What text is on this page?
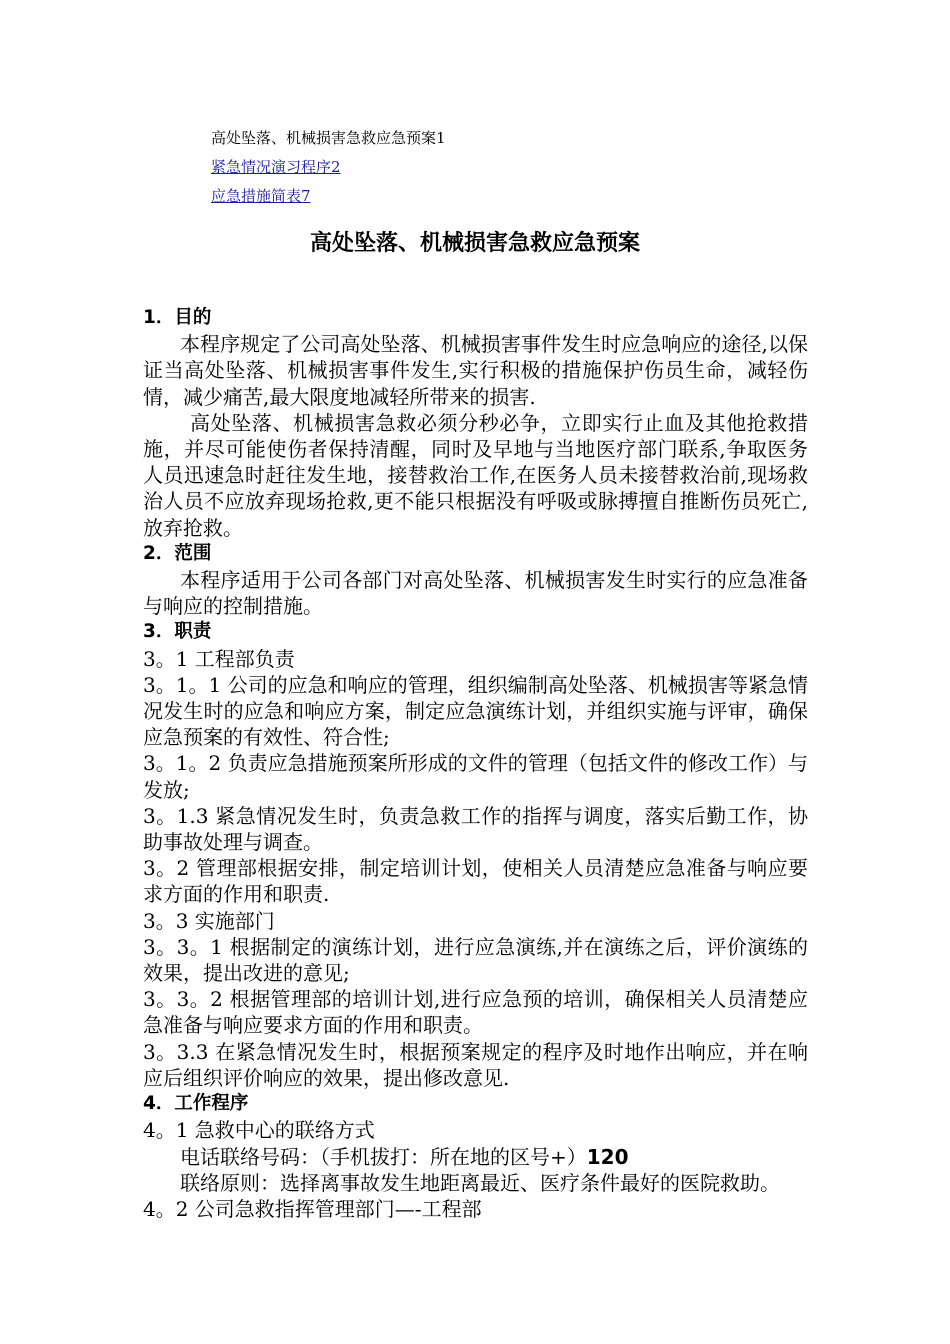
高处坠落、机械损害急救应急预案1
紧急情况演习程序2
应急措施简表7
高处坠落、机械损害急救应急预案

1．目的

本程序规定了公司高处坠落、机械损害事件发生时应急响应的途径,以保证当高处坠落、机械损害事件发生,实行积极的措施保护伤员生命，减轻伤情，减少痛苦,最大限度地减轻所带来的损害.

高处坠落、机械损害急救必须分秒必争，立即实行止血及其他抢救措施，并尽可能使伤者保持清醒，同时及早地与当地医疗部门联系,争取医务人员迅速急时赶往发生地，接替救治工作,在医务人员未接替救治前,现场救治人员不应放弃现场抢救,更不能只根据没有呼吸或脉搏擅自推断伤员死亡,放弃抢救。

2．范围

本程序适用于公司各部门对高处坠落、机械损害发生时实行的应急准备与响应的控制措施。

3．职责

3。1 工程部负责

3。1。1 公司的应急和响应的管理，组织编制高处坠落、机械损害等紧急情况发生时的应急和响应方案，制定应急演练计划，并组织实施与评审，确保应急预案的有效性、符合性;

3。1。2 负责应急措施预案所形成的文件的管理（包括文件的修改工作）与发放;

3。1.3 紧急情况发生时，负责急救工作的指挥与调度，落实后勤工作，协助事故处理与调查。

3。2 管理部根据安排，制定培训计划，使相关人员清楚应急准备与响应要求方面的作用和职责.

3。3 实施部门

3。3。1 根据制定的演练计划，进行应急演练,并在演练之后，评价演练的效果，提出改进的意见;

3。3。2 根据管理部的培训计划,进行应急预的培训，确保相关人员清楚应急准备与响应要求方面的作用和职责。

3。3.3 在紧急情况发生时，根据预案规定的程序及时地作出响应，并在响应后组织评价响应的效果，提出修改意见.

4．工作程序

4。1 急救中心的联络方式

电话联络号码：（手机拔打：所在地的区号+）120

联络原则：选择离事故发生地距离最近、医疗条件最好的医院救助。

4。2 公司急救指挥管理部门—-工程部
